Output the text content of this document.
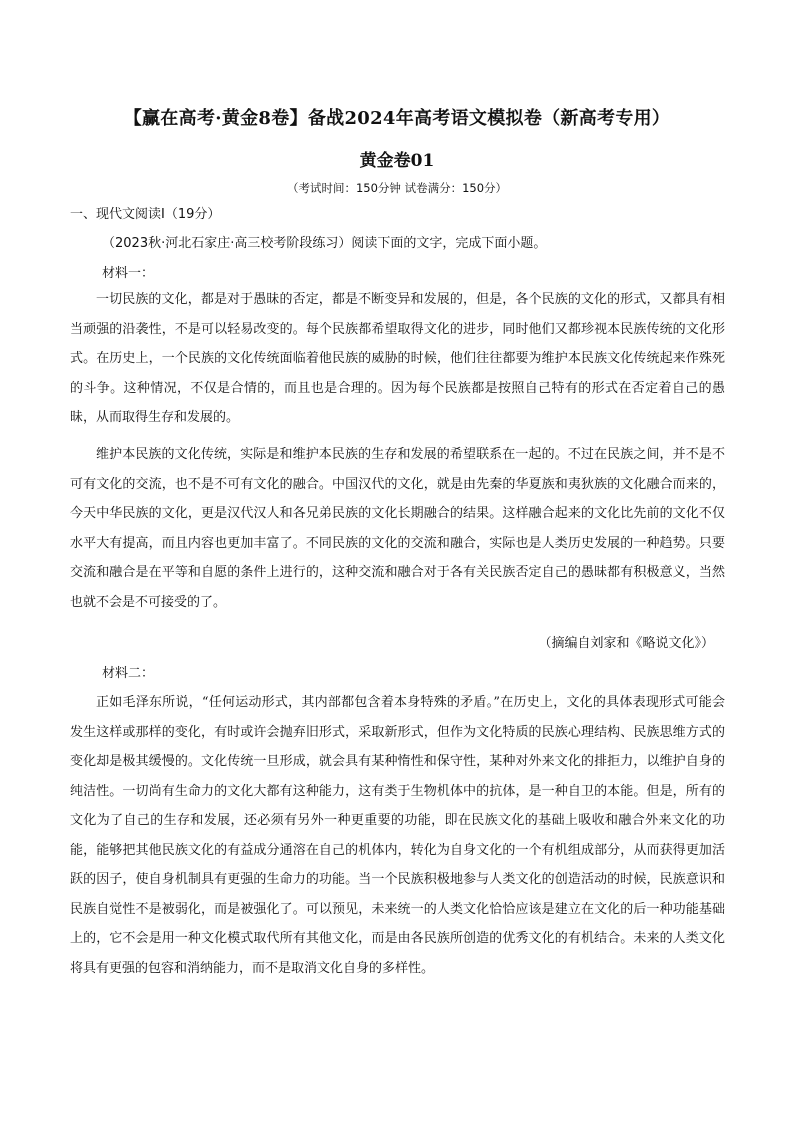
【赢在高考·黄金8卷】备战2024年高考语文模拟卷（新高考专用）
黄金卷01
（考试时间：150分钟 试卷满分：150分）
一、现代文阅读Ⅰ（19分）
（2023秋·河北石家庄·高三校考阶段练习）阅读下面的文字，完成下面小题。
材料一：

一切民族的文化，都是对于愚昧的否定，都是不断变异和发展的，但是，各个民族的文化的形式，又都具有相当顽强的沿袭性，不是可以轻易改变的。每个民族都希望取得文化的进步，同时他们又都珍视本民族传统的文化形式。在历史上，一个民族的文化传统面临着他民族的威胁的时候，他们往往都要为维护本民族文化传统起来作殊死的斗争。这种情况，不仅是合情的，而且也是合理的。因为每个民族都是按照自己特有的形式在否定着自己的愚昧，从而取得生存和发展的。

维护本民族的文化传统，实际是和维护本民族的生存和发展的希望联系在一起的。不过在民族之间，并不是不可有文化的交流，也不是不可有文化的融合。中国汉代的文化，就是由先秦的华夏族和夷狄族的文化融合而来的，今天中华民族的文化，更是汉代汉人和各兄弟民族的文化长期融合的结果。这样融合起来的文化比先前的文化不仅水平大有提高，而且内容也更加丰富了。不同民族的文化的交流和融合，实际也是人类历史发展的一种趋势。只要交流和融合是在平等和自愿的条件上进行的，这种交流和融合对于各有关民族否定自己的愚昧都有积极意义，当然也就不会是不可接受的了。

（摘编自刘家和《略说文化》）
材料二：

正如毛泽东所说，“任何运动形式，其内部都包含着本身特殊的矛盾。”在历史上，文化的具体表现形式可能会发生这样或那样的变化，有时或许会抛弃旧形式，采取新形式，但作为文化特质的民族心理结构、民族思维方式的变化却是极其缓慢的。文化传统一旦形成，就会具有某种惰性和保守性，某种对外来文化的排拒力，以维护自身的纯洁性。一切尚有生命力的文化大都有这种能力，这有类于生物机体中的抗体，是一种自卫的本能。但是，所有的文化为了自己的生存和发展，还必须有另外一种更重要的功能，即在民族文化的基础上吸收和融合外来文化的功能，能够把其他民族文化的有益成分通溶在自己的机体内，转化为自身文化的一个有机组成部分，从而获得更加活跃的因子，使自身机制具有更强的生命力的功能。当一个民族积极地参与人类文化的创造活动的时候，民族意识和民族自觉性不是被弱化，而是被强化了。可以预见，未来统一的人类文化恰恰应该是建立在文化的后一种功能基础上的，它不会是用一种文化模式取代所有其他文化，而是由各民族所创造的优秀文化的有机结合。未来的人类文化将具有更强的包容和消纳能力，而不是取消文化自身的多样性。
